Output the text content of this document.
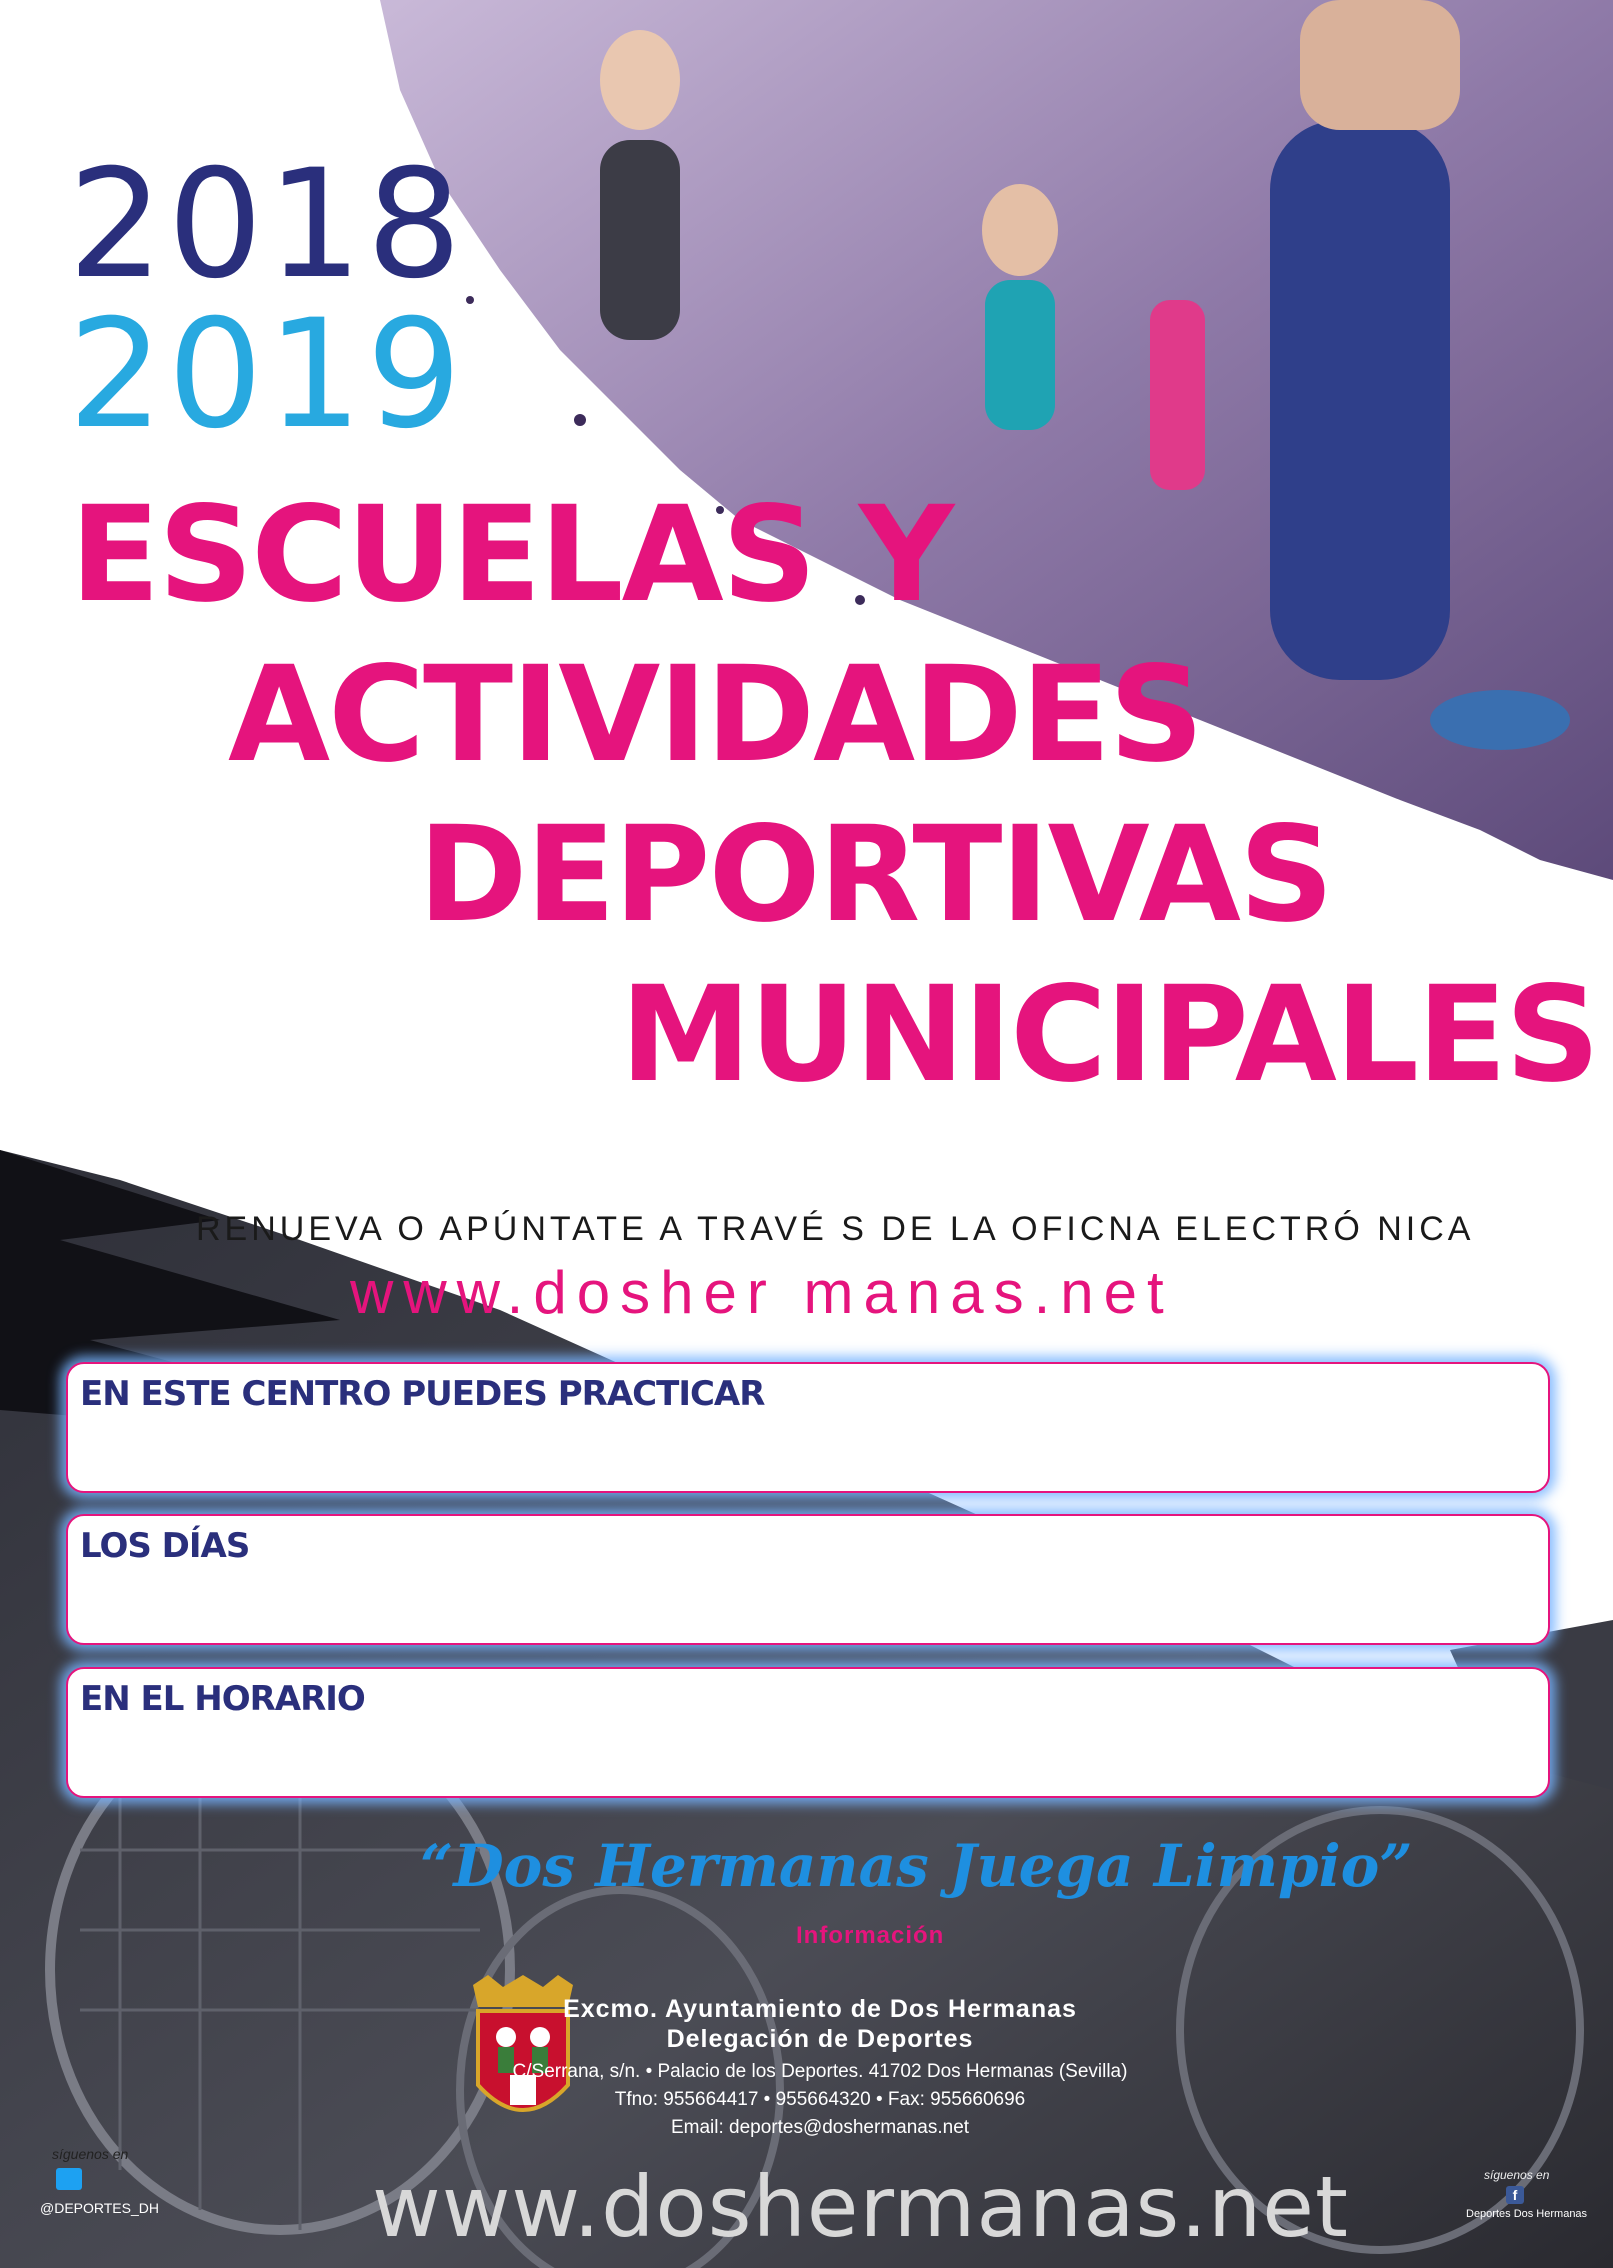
2018
2019
ESCUELAS Y
ACTIVIDADES
DEPORTIVAS
MUNICIPALES
RENUEVA O APÚNTATE A TRAVÉ S DE LA OFICNA ELECTRÓ NICA
www.dosher manas.net
EN ESTE CENTRO PUEDES PRACTICAR
LOS DÍAS
EN EL HORARIO
“Dos Hermanas Juega Limpio”
Información
Excmo. Ayuntamiento de Dos Hermanas
Delegación de Deportes
C/Serrana, s/n. • Palacio de los Deportes. 41702 Dos Hermanas (Sevilla)
Tfno: 955664417 • 955664320 • Fax: 955660696
Email: deportes@doshermanas.net
www.doshermanas.net
síguenos en
@DEPORTES_DH
síguenos en
f
Deportes Dos Hermanas
